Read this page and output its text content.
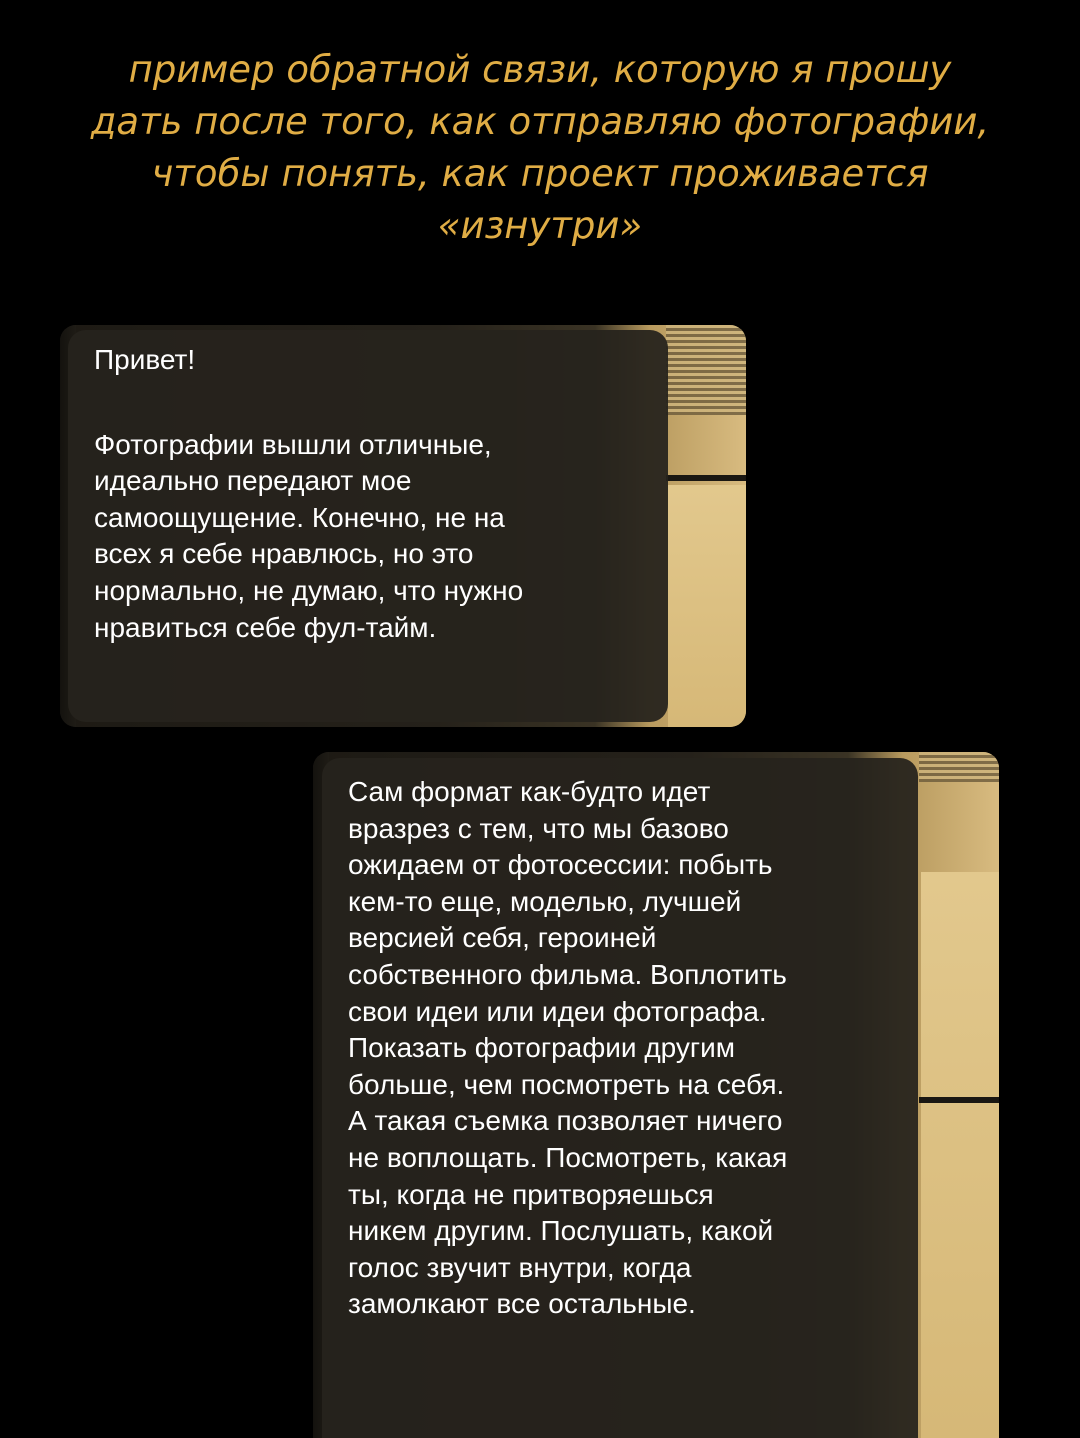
пример обратной связи, которую я прошу
дать после того, как отправляю фотографии,
чтобы понять, как проект проживается
«изнутри»
Привет!
Фотографии вышли отличные,
идеально передают мое
самоощущение. Конечно, не на
всех я себе нравлюсь, но это
нормально, не думаю, что нужно
нравиться себе фул-тайм.
Сам формат как-будто идет
вразрез с тем, что мы базово
ожидаем от фотосессии: побыть
кем-то еще, моделью, лучшей
версией себя, героиней
собственного фильма. Воплотить
свои идеи или идеи фотографа.
Показать фотографии другим
больше, чем посмотреть на себя.
А такая съемка позволяет ничего
не воплощать. Посмотреть, какая
ты, когда не притворяешься
никем другим. Послушать, какой
голос звучит внутри, когда
замолкают все остальные.
